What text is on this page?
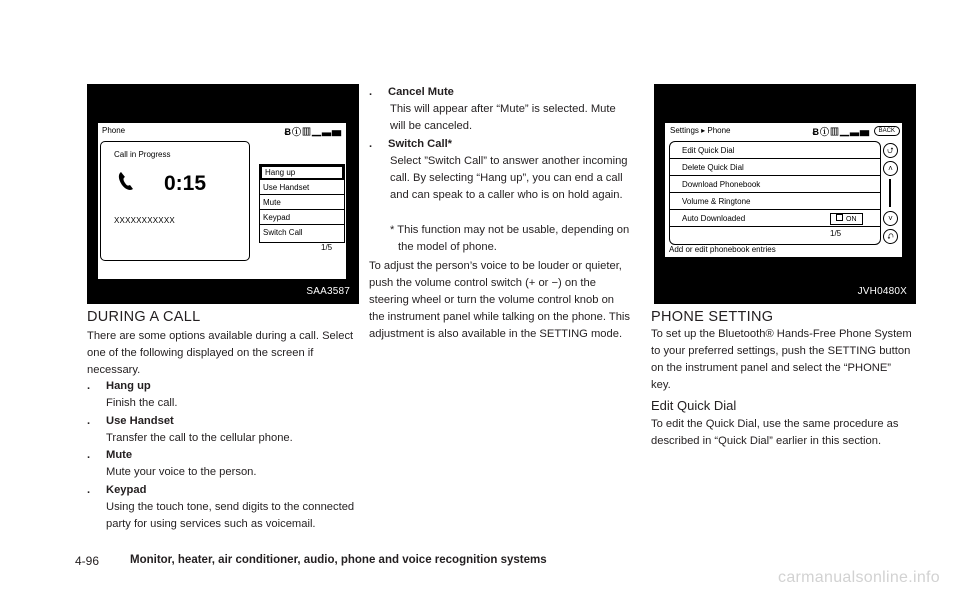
Phone	Ƀⓘ▥▁▃▅
Call in Progress
0:15
XXXXXXXXXXX
Hang up
Use Handset
Mute
Keypad
Switch Call
1/5
SAA3587
Settings ▸ Phone	Ƀⓘ▥▁▃▅	BACK
Edit Quick Dial
Delete Quick Dial
Download Phonebook
Volume & Ringtone
Auto Downloaded	ON
1/5
⮍
˄
˅
⮏
Add or edit phonebook entries
JVH0480X
DURING A CALL
There are some options available during a call. Select one of the following displayed on the screen if necessary.
. Hang up
Finish the call.
. Use Handset
Transfer the call to the cellular phone.
. Mute
Mute your voice to the person.
. Keypad
Using the touch tone, send digits to the connected party for using services such as voicemail.
. Cancel Mute
This will appear after “Mute” is selected. Mute will be canceled.
. Switch Call*
Select ”Switch Call” to answer another incoming call. By selecting “Hang up”, you can end a call and can speak to a caller who is on hold again.
* This function may not be usable, depending on the model of phone.
To adjust the person’s voice to be louder or quieter, push the volume control switch (+ or −) on the steering wheel or turn the volume control knob on the instrument panel while talking on the phone. This adjustment is also available in the SETTING mode.
PHONE SETTING
To set up the Bluetooth® Hands-Free Phone System to your preferred settings, push the SETTING button on the instrument panel and select the “PHONE” key.
Edit Quick Dial
To edit the Quick Dial, use the same procedure as described in “Quick Dial” earlier in this section.
4-96	Monitor, heater, air conditioner, audio, phone and voice recognition systems
carmanualsonline.info
